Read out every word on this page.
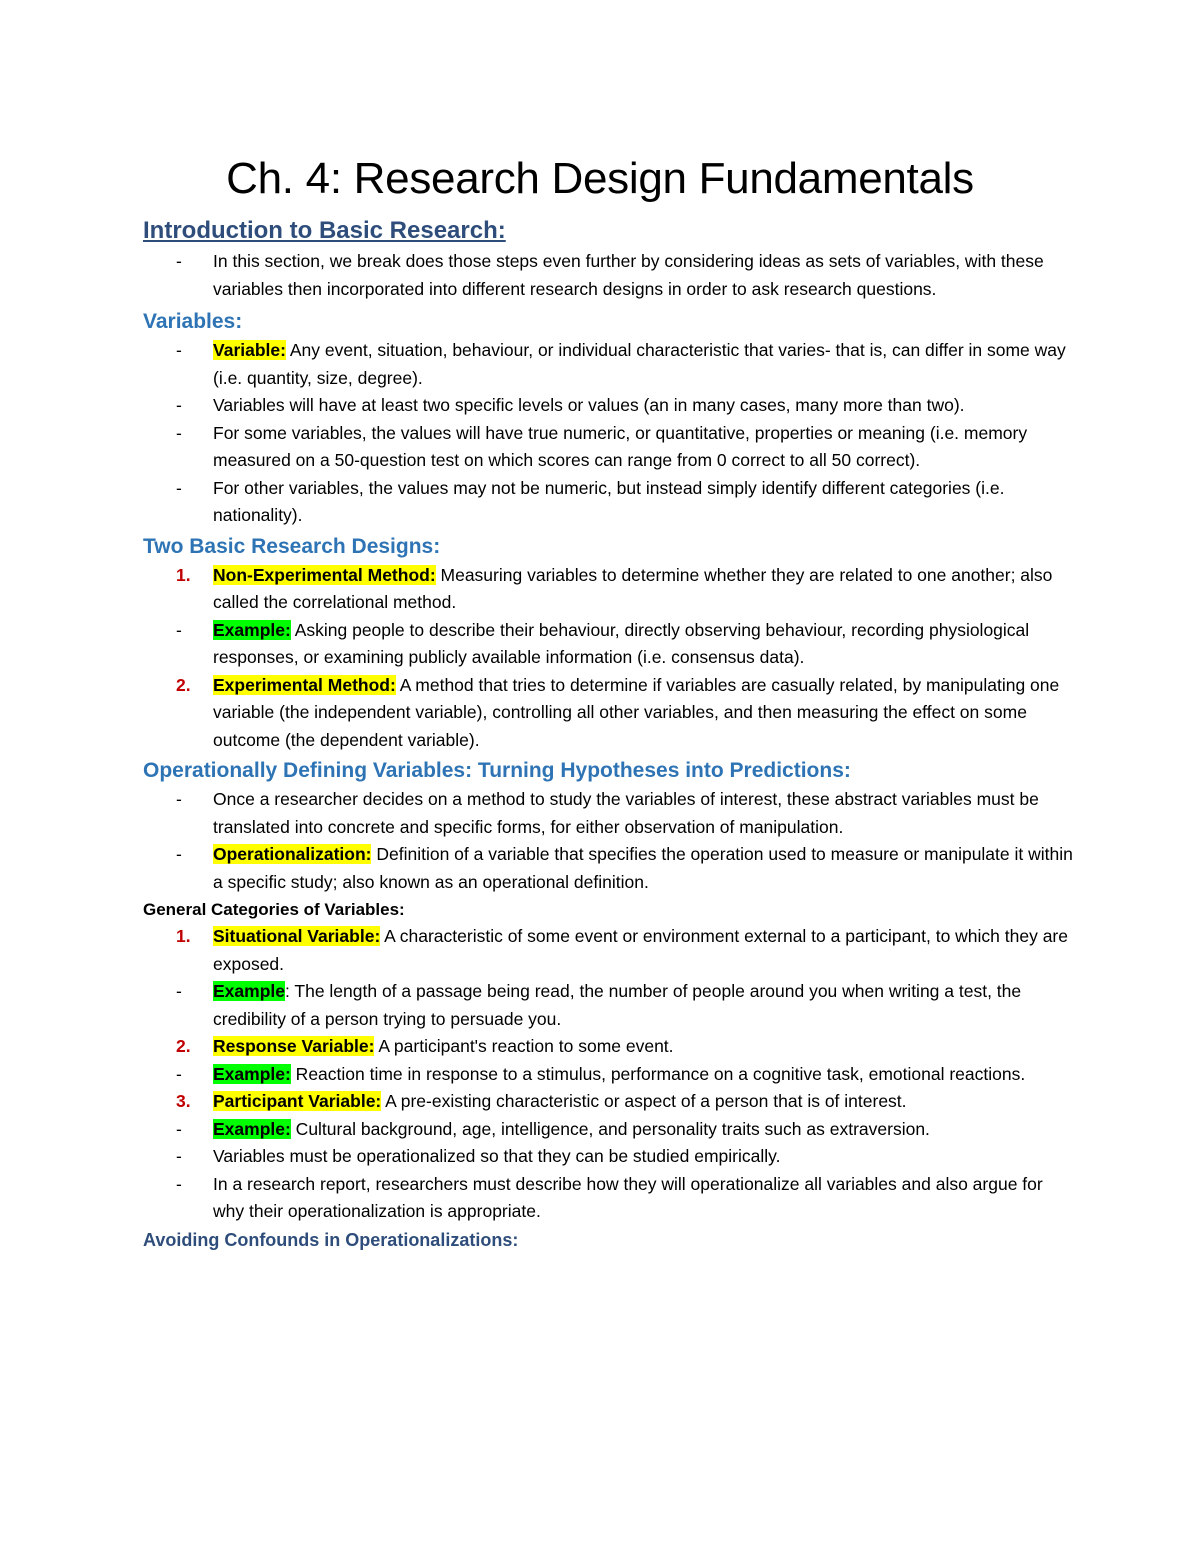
Ch. 4: Research Design Fundamentals
Introduction to Basic Research:
-	In this section, we break does those steps even further by considering ideas as sets of variables, with these variables then incorporated into different research designs in order to ask research questions.
Variables:
-	Variable: Any event, situation, behaviour, or individual characteristic that varies- that is, can differ in some way (i.e. quantity, size, degree).
-	Variables will have at least two specific levels or values (an in many cases, many more than two).
-	For some variables, the values will have true numeric, or quantitative, properties or meaning (i.e. memory measured on a 50-question test on which scores can range from 0 correct to all 50 correct).
-	For other variables, the values may not be numeric, but instead simply identify different categories (i.e. nationality).
Two Basic Research Designs:
1.	Non-Experimental Method: Measuring variables to determine whether they are related to one another; also called the correlational method.
-	Example: Asking people to describe their behaviour, directly observing behaviour, recording physiological responses, or examining publicly available information (i.e. consensus data).
2.	Experimental Method: A method that tries to determine if variables are casually related, by manipulating one variable (the independent variable), controlling all other variables, and then measuring the effect on some outcome (the dependent variable).
Operationally Defining Variables: Turning Hypotheses into Predictions:
-	Once a researcher decides on a method to study the variables of interest, these abstract variables must be translated into concrete and specific forms, for either observation of manipulation.
-	Operationalization: Definition of a variable that specifies the operation used to measure or manipulate it within a specific study; also known as an operational definition.
General Categories of Variables:
1.	Situational Variable: A characteristic of some event or environment external to a participant, to which they are exposed.
-	Example: The length of a passage being read, the number of people around you when writing a test, the credibility of a person trying to persuade you.
2.	Response Variable: A participant's reaction to some event.
-	Example: Reaction time in response to a stimulus, performance on a cognitive task, emotional reactions.
3.	Participant Variable: A pre-existing characteristic or aspect of a person that is of interest.
-	Example: Cultural background, age, intelligence, and personality traits such as extraversion.
-	Variables must be operationalized so that they can be studied empirically.
-	In a research report, researchers must describe how they will operationalize all variables and also argue for why their operationalization is appropriate.
Avoiding Confounds in Operationalizations:
